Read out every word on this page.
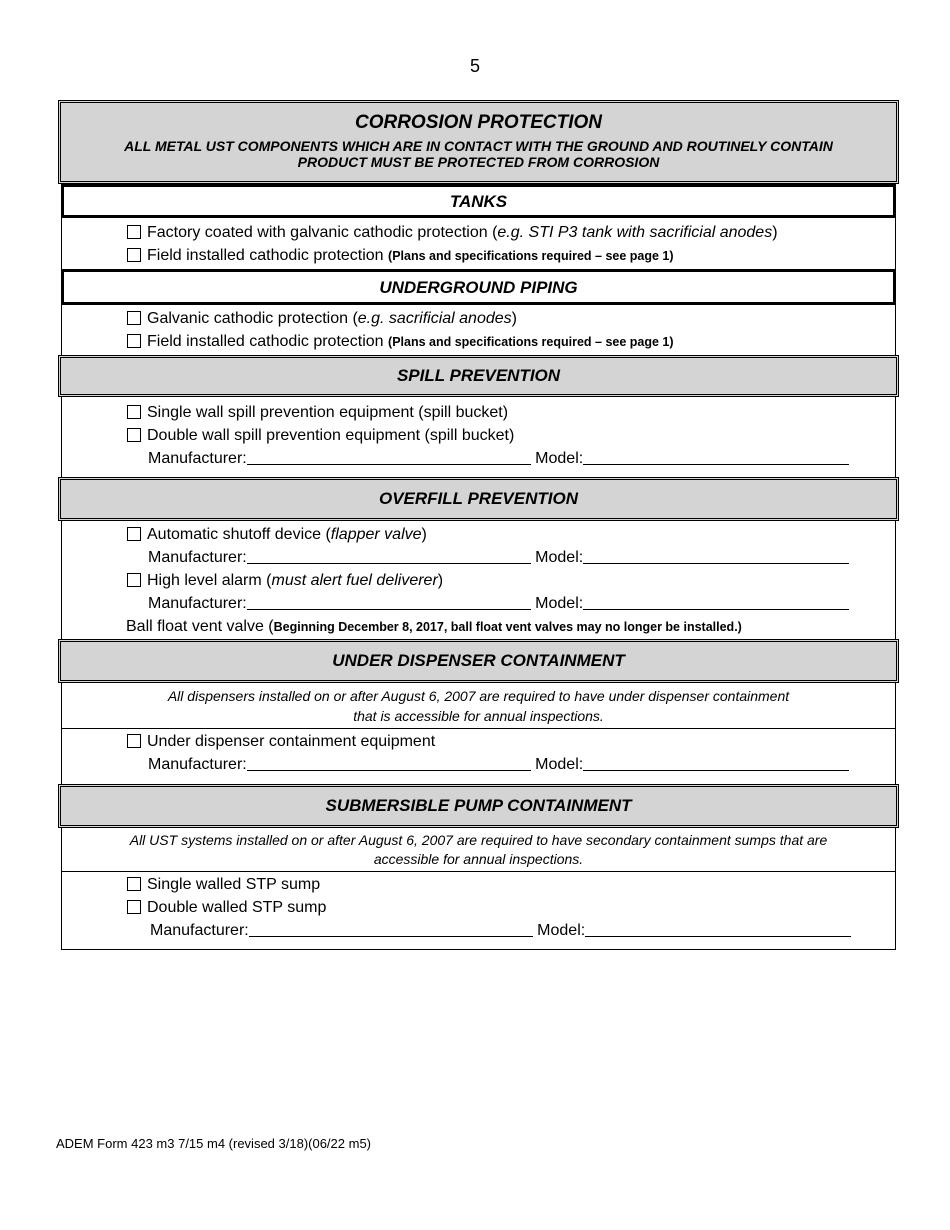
5
CORROSION PROTECTION
ALL METAL UST COMPONENTS WHICH ARE IN CONTACT WITH THE GROUND AND ROUTINELY CONTAIN
PRODUCT MUST BE PROTECTED FROM CORROSION
TANKS
Factory coated with galvanic cathodic protection (e.g. STI P3 tank with sacrificial anodes)
Field installed cathodic protection (Plans and specifications required – see page 1)
UNDERGROUND PIPING
Galvanic cathodic protection (e.g. sacrificial anodes)
Field installed cathodic protection (Plans and specifications required – see page 1)
SPILL PREVENTION
Single wall spill prevention equipment (spill bucket)
Double wall spill prevention equipment (spill bucket)
Manufacturer:	Model:
OVERFILL PREVENTION
Automatic shutoff device (flapper valve)
Manufacturer:	Model:
High level alarm (must alert fuel deliverer)
Manufacturer:	Model:
Ball float vent valve (Beginning December 8, 2017, ball float vent valves may no longer be installed.)
UNDER DISPENSER CONTAINMENT
All dispensers installed on or after August 6, 2007 are required to have under dispenser containment
that is accessible for annual inspections.
Under dispenser containment equipment
Manufacturer:	Model:
SUBMERSIBLE PUMP CONTAINMENT
All UST systems installed on or after August 6, 2007 are required to have secondary containment sumps that are
accessible for annual inspections.
Single walled STP sump
Double walled STP sump
Manufacturer:	Model:
ADEM Form 423 m3 7/15 m4 (revised 3/18)(06/22 m5)
